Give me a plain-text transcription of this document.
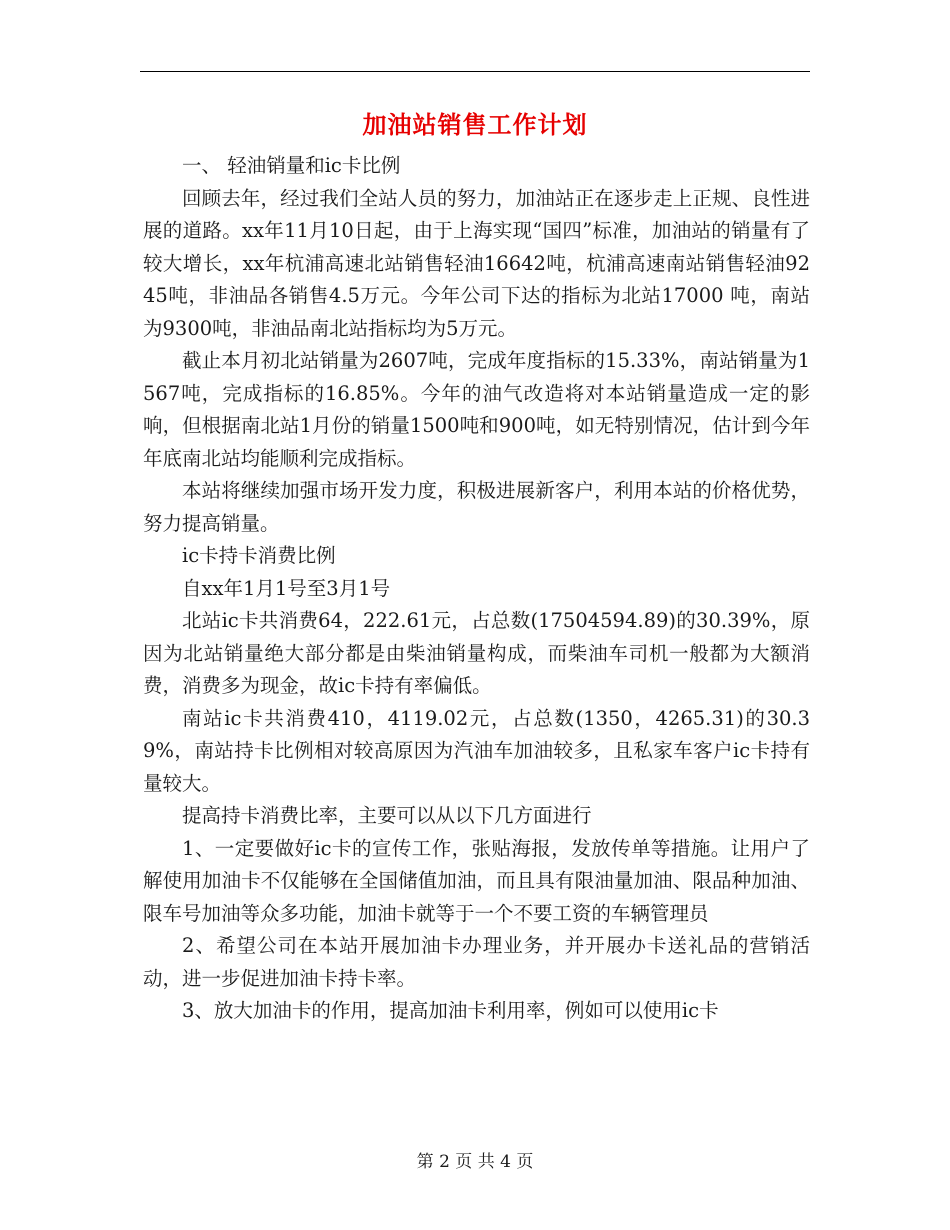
加油站销售工作计划

一、 轻油销量和ic卡比例

回顾去年，经过我们全站人员的努力，加油站正在逐步走上正规、良性进展的道路。xx年11月10日起，由于上海实现“国四”标准，加油站的销量有了较大增长，xx年杭浦高速北站销售轻油16642吨，杭浦高速南站销售轻油9245吨，非油品各销售4.5万元。今年公司下达的指标为北站17000 吨，南站为9300吨，非油品南北站指标均为5万元。

截止本月初北站销量为2607吨，完成年度指标的15.33%，南站销量为1567吨，完成指标的16.85%。今年的油气改造将对本站销量造成一定的影响，但根据南北站1月份的销量1500吨和900吨，如无特别情况，估计到今年年底南北站均能顺利完成指标。

本站将继续加强市场开发力度，积极进展新客户，利用本站的价格优势，努力提高销量。

ic卡持卡消费比例

自xx年1月1号至3月1号

北站ic卡共消费64，222.61元，占总数(17504594.89)的30.39%，原因为北站销量绝大部分都是由柴油销量构成，而柴油车司机一般都为大额消费，消费多为现金，故ic卡持有率偏低。

南站ic卡共消费410，4119.02元，占总数(1350，4265.31)的30.39%，南站持卡比例相对较高原因为汽油车加油较多，且私家车客户ic卡持有量较大。

提高持卡消费比率，主要可以从以下几方面进行

1、一定要做好ic卡的宣传工作，张贴海报，发放传单等措施。让用户了解使用加油卡不仅能够在全国储值加油，而且具有限油量加油、限品种加油、限车号加油等众多功能，加油卡就等于一个不要工资的车辆管理员

2、希望公司在本站开展加油卡办理业务，并开展办卡送礼品的营销活动，进一步促进加油卡持卡率。

3、放大加油卡的作用，提高加油卡利用率，例如可以使用ic卡

第 2 页 共 4 页
